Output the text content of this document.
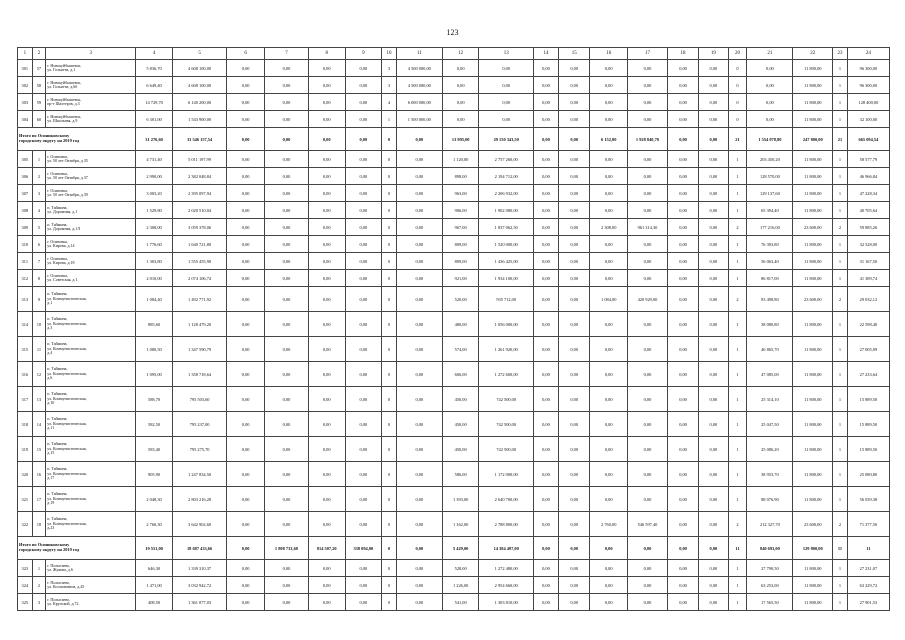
123
1	2	3	4	5	6	7	8	9	10	11	12	13	14	15	16	17	18	19	20	21	22	23	24
301	57	г. Новокуйбышевск,
ул. Гольятти, д.1	5 836,70	4 608 100,00	0,00	0,00	0,00	0,00	3	4 500 000,00	0,00	0,00	0,00	0,00	0,00	0,00	0,00	0,00	0	0,00	11 800,00	1	96 300,00
302	58	г. Новокуйбышевск,
ул. Гольятти, д.6б	6 649,40	4 608 100,00	0,00	0,00	0,00	0,00	3	4 500 000,00	0,00	0,00	0,00	0,00	0,00	0,00	0,00	0,00	0	0,00	11 800,00	1	96 300,00
303	59	г. Новокуйбышевск,
пр-т Шахтеров, д.3	14 729,70	6 140 200,00	0,00	0,00	0,00	0,00	4	6 000 000,00	0,00	0,00	0,00	0,00	0,00	0,00	0,00	0,00	0	0,00	11 800,00	1	128 400,00
304	60	г. Новокуйбышевск,
ул. Школьная, д.9	6 301,00	1 543 900,00	0,00	0,00	0,00	0,00	1	1 500 000,00	0,00	0,00	0,00	0,00	0,00	0,00	0,00	0,00	0	0,00	11 800,00	1	32 100,00
Итого по Осиниковскому
городскому округу на 2019 год			31 276,60	33 546 157,54	0,00	0,00	0,00	0,00	0	0,00	13 995,00	29 150 343,50	0,00	0,00	6 152,00	1 928 840,70	0,00	0,00	21	1 554 078,80	247 800,00	21	665 094,54
305	1	г. Осиновка,
ул. 50 лет Октября, д.35	4 731,40	5 011 197,99	0,00	0,00	0,00	0,00	0	0,00	1 120,00	2 757 260,00	0,00	0,00	0,00	0,00	0,00	0,00	1	203 450,20	11 800,00	1	58 577,79
306	2	г. Осиновка,
ул. 50 лет Октября, д.37	2 990,00	2 382 048,84	0,00	0,00	0,00	0,00	0	0,00	898,00	2 194 712,00	0,00	0,00	0,00	0,00	0,00	0,00	1	128 570,00	11 800,00	1	46 966,84
307	3	г. Осиновка,
ул. 50 лет Октября, д.39	3 003,20	2 395 097,94	0,00	0,00	0,00	0,00	0	0,00	963,00	2 206 932,00	0,00	0,00	0,00	0,00	0,00	0,00	1	129 137,60	11 800,00	1	47 228,34
308	4	п. Тайжина,
ул. Дорожная, д.1	1 529,80	2 020 510,04	0,00	0,00	0,00	0,00	0	0,00	906,00	1 902 080,00	0,00	0,00	0,00	0,00	0,00	0,00	1	65 394,40	11 800,00	1	40 705,64
309	5	п. Тайжина,
ул. Дорожная, д.1Л	2 308,00	3 059 378,06	0,00	0,00	0,00	0,00	0	0,00	967,00	1 837 062,50	0,00	0,00	2 308,00	961 314,30	0,00	0,00	2	177 216,00	23 600,00	2	59 885,26
310	6	г. Осиновка,
ул. Кирова, д.14	1 776,60	1 640 721,80	0,00	0,00	0,00	0,00	0	0,00	809,00	1 520 000,00	0,00	0,00	0,00	0,00	0,00	0,00	1	76 393,80	11 800,00	1	32 528,00
311	7	г. Осиновка,
ул. Кирова, д.18	1 303,80	1 555 455,90	0,00	0,00	0,00	0,00	0	0,00	809,00	1 436 425,00	0,00	0,00	0,00	0,00	0,00	0,00	1	56 063,40	11 800,00	1	31 167,50
312	8	г. Осиновка,
ул. Советская, д.1	2 010,00	2 074 106,74	0,00	0,00	0,00	0,00	0	0,00	921,00	1 934 100,00	0,00	0,00	0,00	0,00	0,00	0,00	1	86 817,00	11 800,00	1	41 389,74
313	9	п. Тайжина,
ул. Коммунистическая,
д.1	1 084,40	1 492 771,92	0,00	0,00	0,00	0,00	0	0,00	520,00	935 712,00	0,00	0,00	1 084,00	420 929,00	0,00	0,00	2	83 498,80	23 600,00	2	29 032,12
314	10	п. Тайжина,
ул. Коммунистическая,
д.3	885,60	1 128 479,20	0,00	0,00	0,00	0,00	0	0,00	480,00	1 056 000,00	0,00	0,00	0,00	0,00	0,00	0,00	1	38 080,80	11 800,00	1	22 598,40
315	11	п. Тайжина,
ул. Коммунистическая,
д.4	1 080,50	1 347 590,79	0,00	0,00	0,00	0,00	0	0,00	574,00	1 261 920,00	0,00	0,00	0,00	0,00	0,00	0,00	1	46 865,70	11 800,00	1	27 005,09
316	12	п. Тайжина,
ул. Коммунистическая,
д.6	1 095,00	1 358 718,64	0,00	0,00	0,00	0,00	0	0,00	606,00	1 272 600,00	0,00	0,00	0,00	0,00	0,00	0,00	1	47 085,00	11 800,00	1	27 233,64
317	13	п. Тайжина,
ул. Коммунистическая,
д.10	588,70	795 503,60	0,00	0,00	0,00	0,00	0	0,00	450,00	742 500,00	0,00	0,00	0,00	0,00	0,00	0,00	1	25 314,10	11 800,00	1	15 889,50
318	14	п. Тайжина,
ул. Коммунистическая,
д.11	582,50	795 237,00	0,00	0,00	0,00	0,00	0	0,00	450,00	742 500,00	0,00	0,00	0,00	0,00	0,00	0,00	1	25 047,50	11 800,00	1	15 889,50
319	15	п. Тайжина,
ул. Коммунистическая,
д.15	583,40	795 275,70	0,00	0,00	0,00	0,00	0	0,00	450,00	742 500,00	0,00	0,00	0,00	0,00	0,00	0,00	1	25 086,20	11 800,00	1	15 889,50
320	16	п. Тайжина,
ул. Коммунистическая,
д.17	905,90	1 247 834,50	0,00	0,00	0,00	0,00	0	0,00	586,00	1 172 000,00	0,00	0,00	0,00	0,00	0,00	0,00	1	38 953,70	11 800,00	1	25 080,80
321	17	п. Тайжина,
ул. Коммунистическая,
д.19	2 048,30	2 803 216,28	0,00	0,00	0,00	0,00	0	0,00	1 393,00	2 640 700,00	0,00	0,00	0,00	0,00	0,00	0,00	1	88 076,90	11 800,00	1	56 039,38
322	18	п. Тайжина,
ул. Коммунистическая,
д.23	2 760,30	3 642 902,60	0,00	0,00	0,00	0,00	0	0,00	1 162,00	2 788 800,00	0,00	0,00	2 760,00	546 597,40	0,00	0,00	2	212 327,70	23 600,00	2	71 377,50
Итого по Осиниковскому
городскому округу на 2019 год			19 551,00	18 687 433,66	0,00	1 808 733,60	814 507,20	338 094,00	0	0,00	5 429,00	14 384 497,00	0,00	0,00	0,00	0,00	0,00	0,00	11	840 693,00	129 800,00	11	11
323	1	г. Полысаево,
ул. Жукова, д.6	646,30	1 339 310,37	0,00	0,00	0,00	0,00	0	0,00	528,00	1 272 480,00	0,00	0,00	0,00	0,00	0,00	0,00	1	27 790,50	11 800,00	1	27 231,07
324	2	г. Полысаево,
ул. Космонавтов, д.45	1 471,00	3 032 942,72	0,00	0,00	0,00	0,00	0	0,00	1 226,00	2 954 660,00	0,00	0,00	0,00	0,00	0,00	0,00	1	63 253,00	11 800,00	1	63 229,72
325	3	г. Полысаево,
ул. Крупской, д.72	408,50	1 361 077,03	0,00	0,00	0,00	0,00	0	0,00	541,00	1 303 810,00	0,00	0,00	0,00	0,00	0,00	0,00	1	17 565,50	11 800,00	1	27 901,53
